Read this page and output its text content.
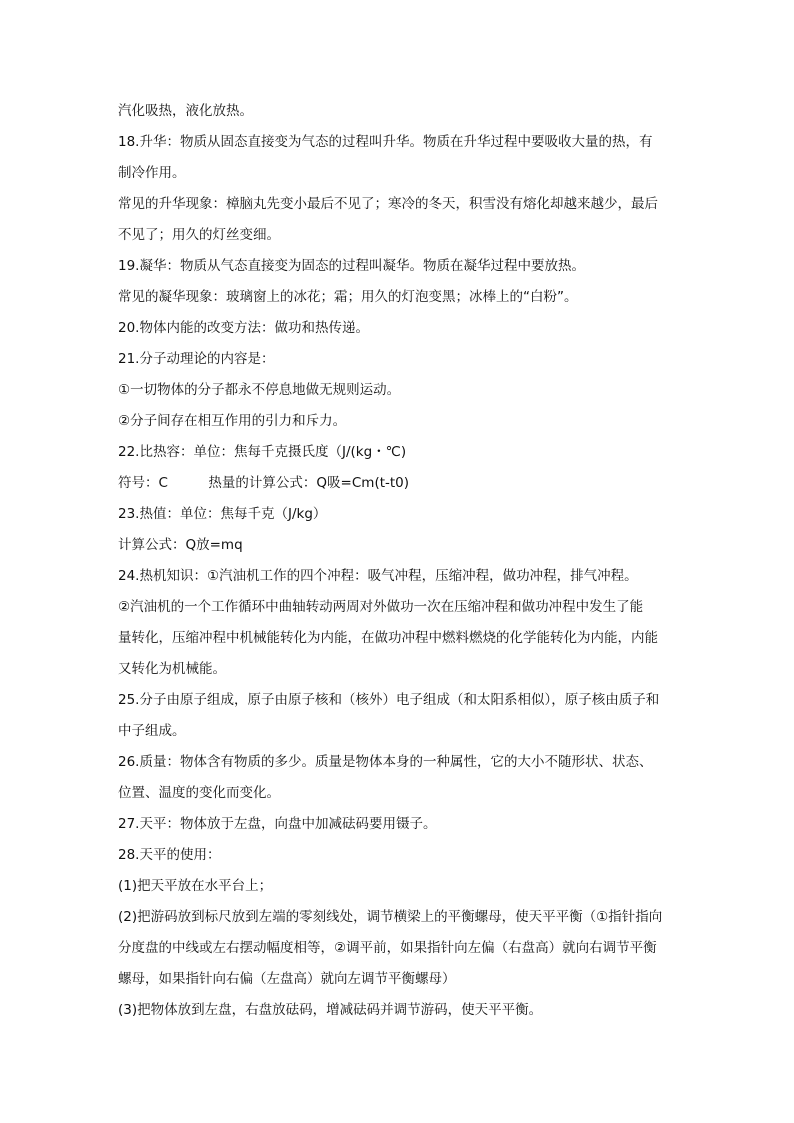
汽化吸热，液化放热。

18.升华：物质从固态直接变为气态的过程叫升华。物质在升华过程中要吸收大量的热，有

制冷作用。

常见的升华现象：樟脑丸先变小最后不见了；寒冷的冬天，积雪没有熔化却越来越少，最后

不见了；用久的灯丝变细。

19.凝华：物质从气态直接变为固态的过程叫凝华。物质在凝华过程中要放热。

常见的凝华现象：玻璃窗上的冰花；霜；用久的灯泡变黑；冰棒上的“白粉”。

20.物体内能的改变方法：做功和热传递。

21.分子动理论的内容是：

①一切物体的分子都永不停息地做无规则运动。

②分子间存在相互作用的引力和斥力。

22.比热容：单位：焦每千克摄氏度（J/(kg・℃)

符号：C　　　热量的计算公式：Q吸=Cm(t-t0)

23.热值：单位：焦每千克（J/kg）

计算公式：Q放=mq

24.热机知识：①汽油机工作的四个冲程：吸气冲程，压缩冲程，做功冲程，排气冲程。

②汽油机的一个工作循环中曲轴转动两周对外做功一次在压缩冲程和做功冲程中发生了能

量转化，压缩冲程中机械能转化为内能，在做功冲程中燃料燃烧的化学能转化为内能，内能

又转化为机械能。

25.分子由原子组成，原子由原子核和（核外）电子组成（和太阳系相似），原子核由质子和

中子组成。

26.质量：物体含有物质的多少。质量是物体本身的一种属性，它的大小不随形状、状态、

位置、温度的变化而变化。

27.天平：物体放于左盘，向盘中加减砝码要用镊子。

28.天平的使用：

(1)把天平放在水平台上；

(2)把游码放到标尺放到左端的零刻线处，调节横梁上的平衡螺母，使天平平衡（①指针指向

分度盘的中线或左右摆动幅度相等，②调平前，如果指针向左偏（右盘高）就向右调节平衡

螺母，如果指针向右偏（左盘高）就向左调节平衡螺母）

(3)把物体放到左盘，右盘放砝码，增减砝码并调节游码，使天平平衡。
